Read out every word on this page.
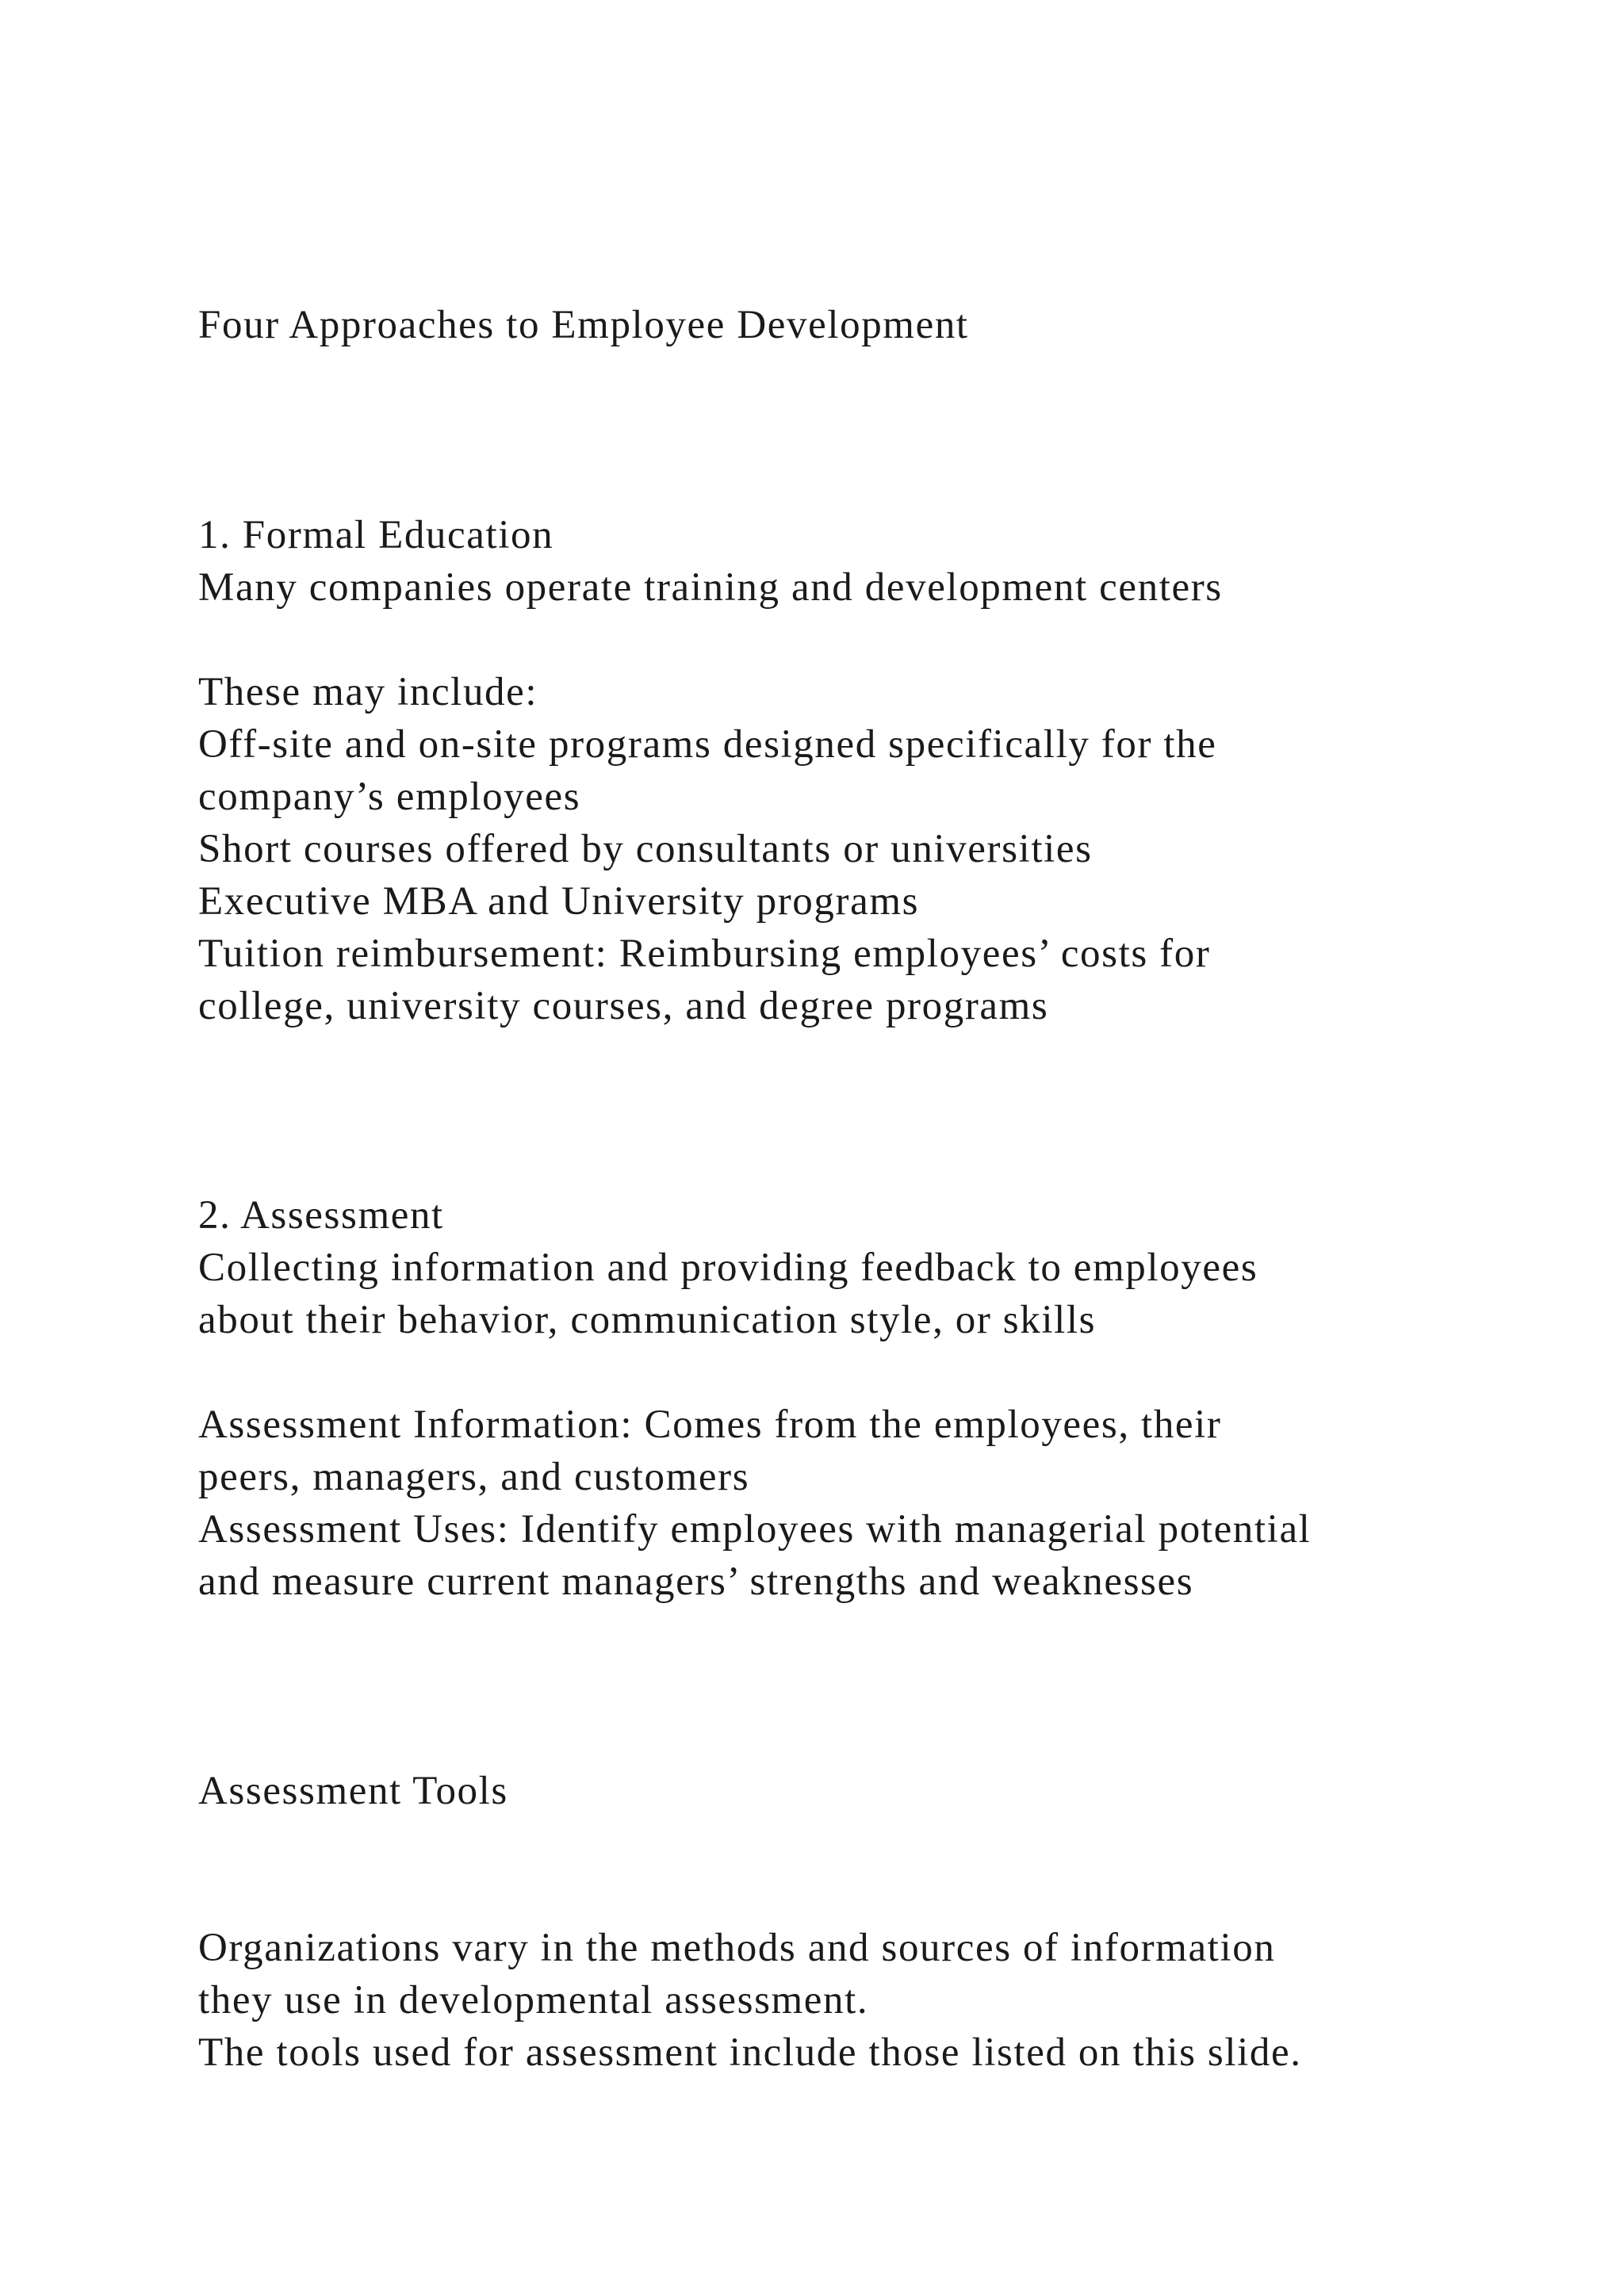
Four Approaches to Employee Development
1. Formal Education
Many companies operate training and development centers
These may include:
Off-site and on-site programs designed specifically for the
company’s employees
Short courses offered by consultants or universities
Executive MBA and University programs
Tuition reimbursement: Reimbursing employees’ costs for
college, university courses, and degree programs
2. Assessment
Collecting information and providing feedback to employees
about their behavior, communication style, or skills
Assessment Information: Comes from the employees, their
peers, managers, and customers
Assessment Uses: Identify employees with managerial potential
and measure current managers’ strengths and weaknesses
Assessment Tools
Organizations vary in the methods and sources of information
they use in developmental assessment.
The tools used for assessment include those listed on this slide.
